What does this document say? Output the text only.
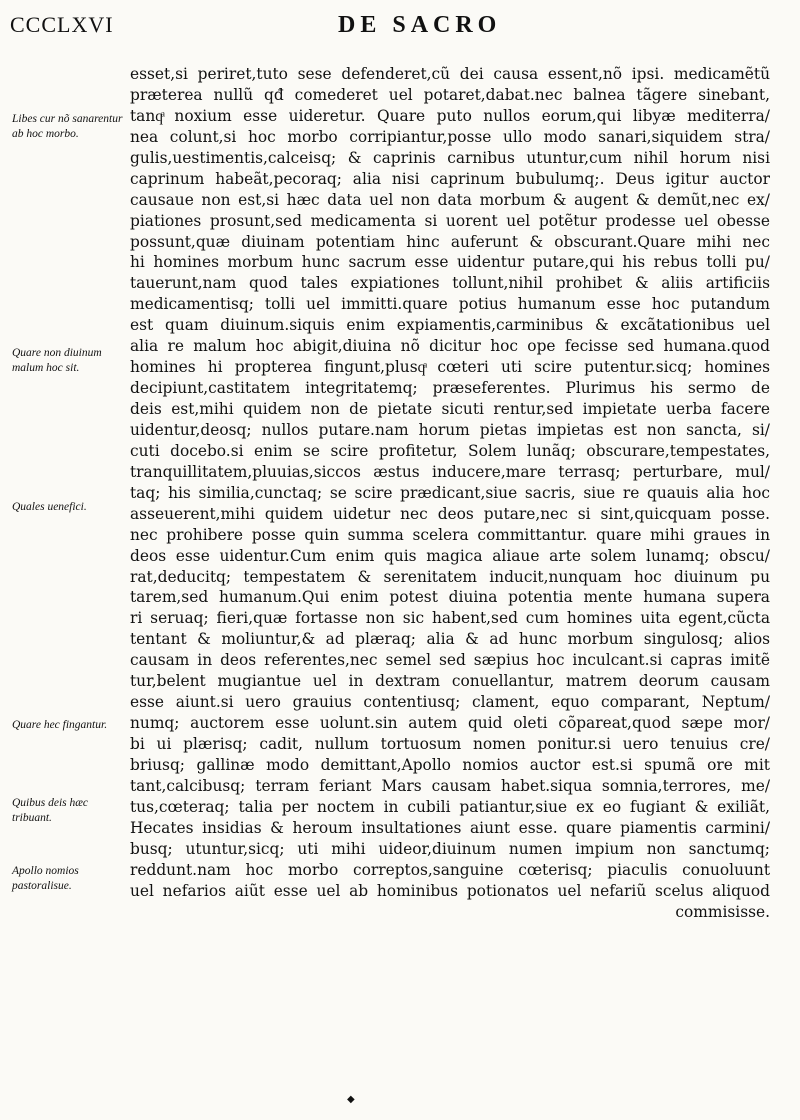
CCCLXVI	DE SACRO
Libes cur nõ sanarentur ab hoc morbo.
Quare non diuinum malum hoc sit.
Quales uenefici.
Quare hec fingantur.
Quibus deis hæc tribuant.
Apollo nomios pastoralisue.
esset,si periret,tuto sese defenderet,cũ dei causa essent,nõ ipsi. medicamẽtũ
præterea nullũ qđ comederet uel potaret,dabat.nec balnea tãgere sinebant,
tanqͣ noxium esse uideretur. Quare puto nullos eorum,qui libyæ mediterra/
nea colunt,si hoc morbo corripiantur,posse ullo modo sanari,siquidem stra/
gulis,uestimentis,calceisq; & caprinis carnibus utuntur,cum nihil horum nisi
caprinum habeãt,pecoraq; alia nisi caprinum bubulumq;. Deus igitur auctor
causaue non est,si hæc data uel non data morbum & augent & demũt,nec ex/
piationes prosunt,sed medicamenta si uorent uel potẽtur prodesse uel obesse
possunt,quæ diuinam potentiam hinc auferunt & obscurant.Quare mihi nec
hi homines morbum hunc sacrum esse uidentur putare,qui his rebus tolli pu/
tauerunt,nam quod tales expiationes tollunt,nihil prohibet & aliis artificiis
medicamentisq; tolli uel immitti.quare potius humanum esse hoc putandum
est quam diuinum.siquis enim expiamentis,carminibus & excãtationibus uel
alia re malum hoc abigit,diuina nõ dicitur hoc ope fecisse sed humana.quod
homines hi propterea fingunt,plusqͣ cœteri uti scire putentur.sicq; homines
decipiunt,castitatem integritatemq; præseferentes. Plurimus his sermo de
deis est,mihi quidem non de pietate sicuti rentur,sed impietate uerba facere
uidentur,deosq; nullos putare.nam horum pietas impietas est non sancta, si/
cuti docebo.si enim se scire profitetur, Solem lunãq; obscurare,tempestates,
tranquillitatem,pluuias,siccos æstus inducere,mare terrasq; perturbare, mul/
taq; his similia,cunctaq; se scire prædicant,siue sacris, siue re quauis alia hoc
asseuerent,mihi quidem uidetur nec deos putare,nec si sint,quicquam posse.
nec prohibere posse quin summa scelera committantur. quare mihi graues in
deos esse uidentur.Cum enim quis magica aliaue arte solem lunamq; obscu/
rat,deducitq; tempestatem & serenitatem inducit,nunquam hoc diuinum pu
tarem,sed humanum.Qui enim potest diuina potentia mente humana supera
ri seruaq; fieri,quæ fortasse non sic habent,sed cum homines uita egent,cũcta
tentant & moliuntur,& ad plæraq; alia & ad hunc morbum singulosq; alios
causam in deos referentes,nec semel sed sæpius hoc inculcant.si capras imitẽ
tur,belent mugiantue uel in dextram conuellantur, matrem deorum causam
esse aiunt.si uero grauius contentiusq; clament, equo comparant, Neptum/
numq; auctorem esse uolunt.sin autem quid oleti cõpareat,quod sæpe mor/
bi ui plærisq; cadit, nullum tortuosum nomen ponitur.si uero tenuius cre/
briusq; gallinæ modo demittant,Apollo nomios auctor est.si spumã ore mit
tant,calcibusq; terram feriant Mars causam habet.siqua somnia,terrores, me/
tus,cœteraq; talia per noctem in cubili patiantur,siue ex eo fugiant & exiliãt,
Hecates insidias & heroum insultationes aiunt esse. quare piamentis carmini/
busq; utuntur,sicq; uti mihi uideor,diuinum numen impium non sanctumq;
reddunt.nam hoc morbo correptos,sanguine cœterisq; piaculis conuoluunt
uel nefarios aiũt esse uel ab hominibus potionatos uel nefariũ scelus aliquod
commisisse.
◆
